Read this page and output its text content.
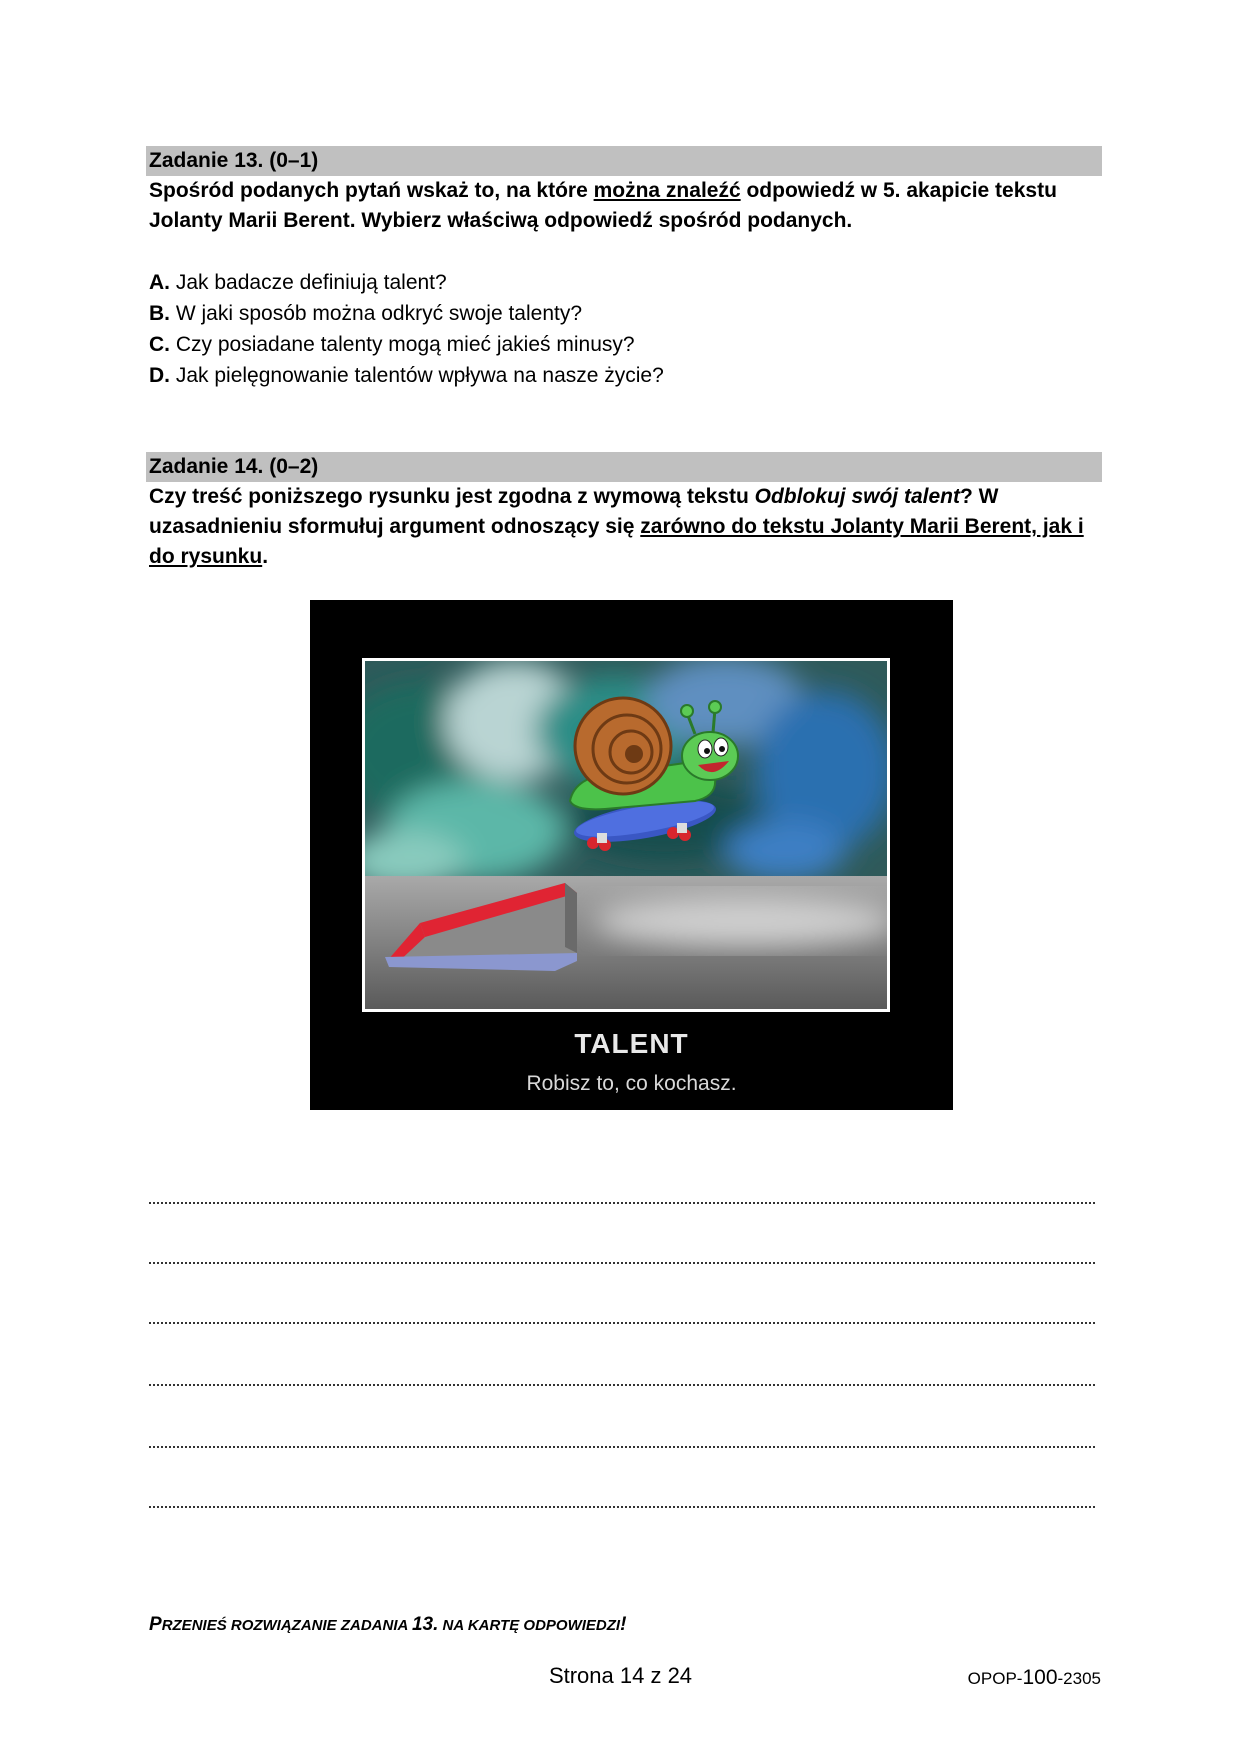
Zadanie 13. (0–1)
Spośród podanych pytań wskaż to, na które można znaleźć odpowiedź w 5. akapicie tekstu Jolanty Marii Berent. Wybierz właściwą odpowiedź spośród podanych.
A. Jak badacze definiują talent?
B. W jaki sposób można odkryć swoje talenty?
C. Czy posiadane talenty mogą mieć jakieś minusy?
D. Jak pielęgnowanie talentów wpływa na nasze życie?
Zadanie 14. (0–2)
Czy treść poniższego rysunku jest zgodna z wymową tekstu Odblokuj swój talent? W uzasadnieniu sformułuj argument odnoszący się zarówno do tekstu Jolanty Marii Berent, jak i do rysunku.
TALENT
Robisz to, co kochasz.
PRZENIEŚ ROZWIĄZANIE ZADANIA 13. NA KARTĘ ODPOWIEDZI!
Strona 14 z 24	OPOP-100-2305
